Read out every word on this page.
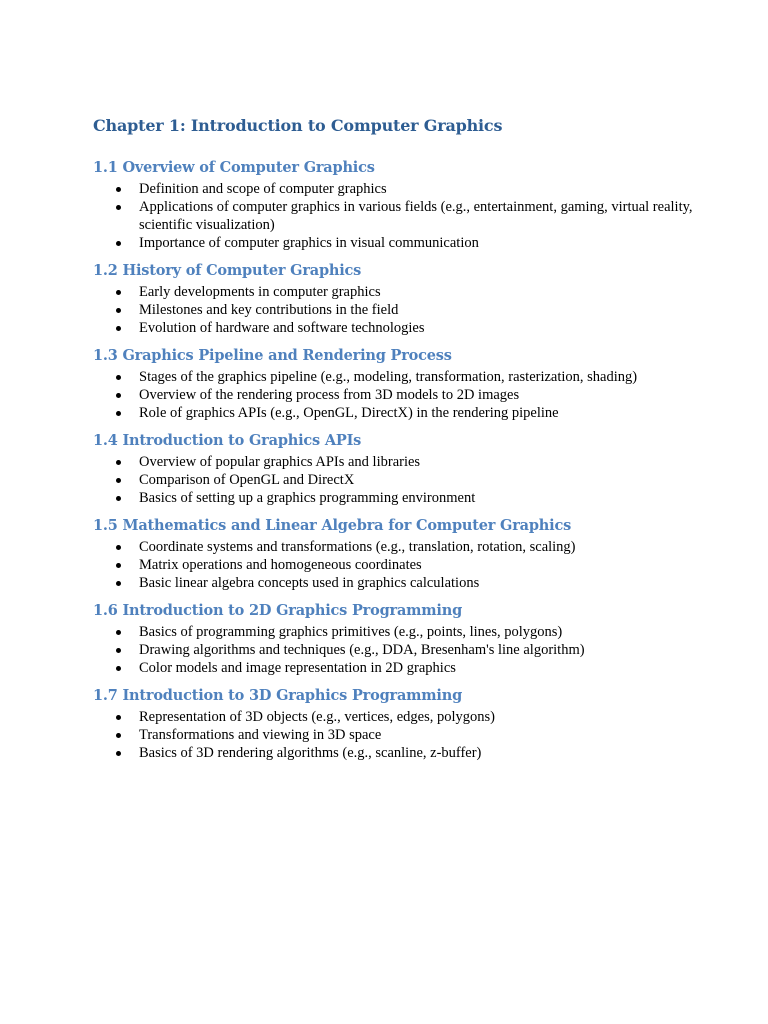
Chapter 1: Introduction to Computer Graphics
1.1 Overview of Computer Graphics
Definition and scope of computer graphics
Applications of computer graphics in various fields (e.g., entertainment, gaming, virtual reality, scientific visualization)
Importance of computer graphics in visual communication
1.2 History of Computer Graphics
Early developments in computer graphics
Milestones and key contributions in the field
Evolution of hardware and software technologies
1.3 Graphics Pipeline and Rendering Process
Stages of the graphics pipeline (e.g., modeling, transformation, rasterization, shading)
Overview of the rendering process from 3D models to 2D images
Role of graphics APIs (e.g., OpenGL, DirectX) in the rendering pipeline
1.4 Introduction to Graphics APIs
Overview of popular graphics APIs and libraries
Comparison of OpenGL and DirectX
Basics of setting up a graphics programming environment
1.5 Mathematics and Linear Algebra for Computer Graphics
Coordinate systems and transformations (e.g., translation, rotation, scaling)
Matrix operations and homogeneous coordinates
Basic linear algebra concepts used in graphics calculations
1.6 Introduction to 2D Graphics Programming
Basics of programming graphics primitives (e.g., points, lines, polygons)
Drawing algorithms and techniques (e.g., DDA, Bresenham's line algorithm)
Color models and image representation in 2D graphics
1.7 Introduction to 3D Graphics Programming
Representation of 3D objects (e.g., vertices, edges, polygons)
Transformations and viewing in 3D space
Basics of 3D rendering algorithms (e.g., scanline, z-buffer)
